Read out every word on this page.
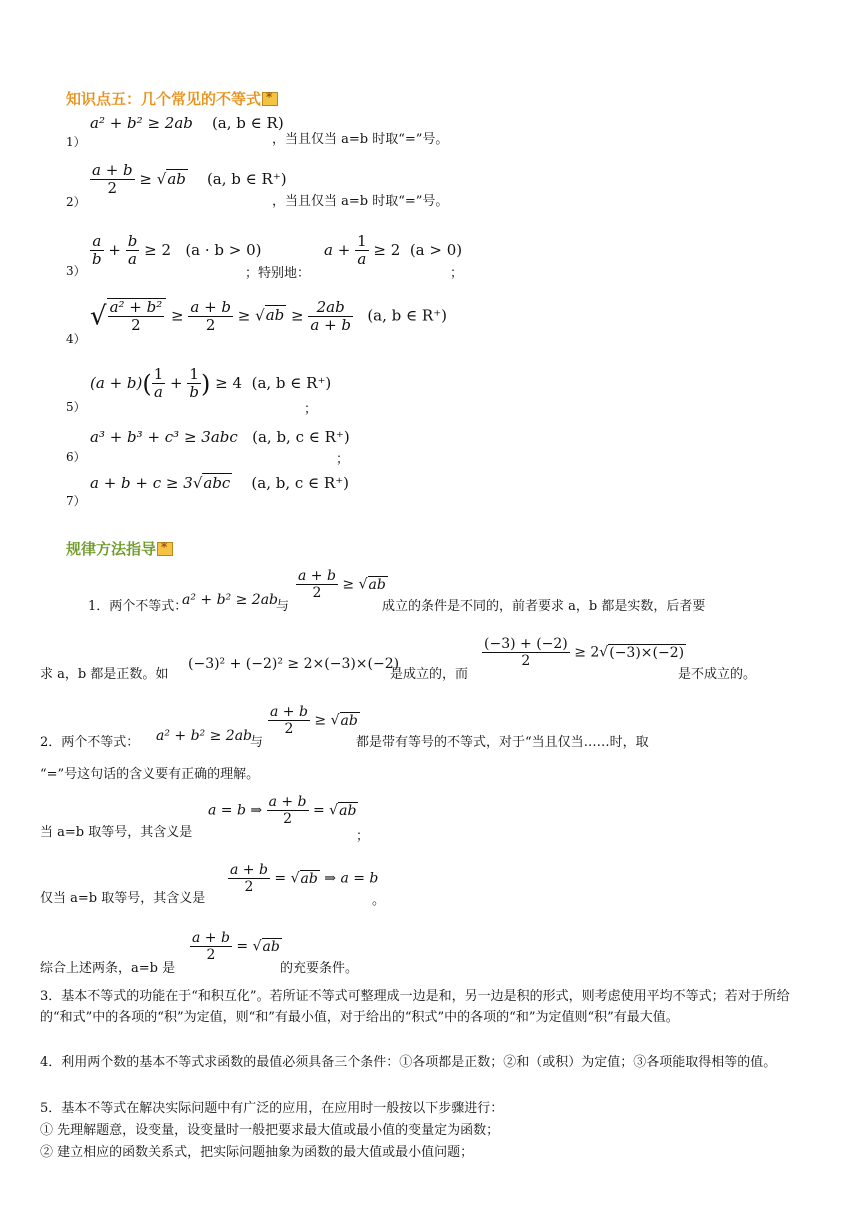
知识点五：几个常见的不等式*
1）
a² + b² ≥ 2ab (a, b ∈ R)
，当且仅当 a=b 时取“=”号。
2）
$\frac{a + b}{2} \ge √ab$ (a, b ∈ R⁺)
，当且仅当 a=b 时取“=”号。
3）
$\frac{a}{b} + \frac{b}{a} \ge 2$ (a · b > 0)
；特别地：
$a + \frac{1}{a} \ge 2$ (a > 0)
；
4）
√ $\frac{\text{a² + b²}}{2} \ge \frac{a + b}{2} \ge √ab \ge \frac{2ab}{a + b} (a$, b ∈ R⁺)
5）
$(a + b)( \frac{1}{a} + \frac{1}{b}$ ) ≥ 4 (a, b ∈ R⁺)
；
6）
a³ + b³ + c³ ≥ 3abc (a, b, c ∈ R⁺)
；
7）
a + b + c ≥ 3√abc (a, b, c ∈ R⁺)
规律方法指导*
1．两个不等式：
a² + b² ≥ 2ab
与
$\frac{a + b}{2} \ge √ab$
成立的条件是不同的，前者要求 a，b 都是实数，后者要
求 a，b 都是正数。如
(−3)² + (−2)² ≥ 2×(−3)×(−2)
是成立的，而
$\frac{(-3) + (-2)}{2} \ge 2√(-3)\times(-2)$
是不成立的。
2．两个不等式： a² + b² ≥ 2ab
与
$\frac{a + b}{2} \ge √ab$
都是带有等号的不等式，对于“当且仅当……时，取
“=”号这句话的含义要有正确的理解。
当 a=b 取等号，其含义是
a = b ⇒ $\frac{a + b}{2} = √ab$
；
仅当 a=b 取等号，其含义是
$\frac{a + b}{2} = √ab$ ⇒ a = b
。
综合上述两条，a=b 是
$\frac{a + b}{2} = √ab$
的充要条件。
3．基本不等式的功能在于“和积互化”。若所证不等式可整理成一边是和，另一边是积的形式，则考虑使用平均不等式；若对于所给的“和式”中的各项的“积”为定值，则“和”有最小值，对于给出的“积式”中的各项的“和”为定值则“积”有最大值。
4．利用两个数的基本不等式求函数的最值必须具备三个条件：①各项都是正数；②和（或积）为定值；③各项能取得相等的值。
5．基本不等式在解决实际问题中有广泛的应用，在应用时一般按以下步骤进行：
① 先理解题意，设变量，设变量时一般把要求最大值或最小值的变量定为函数；
② 建立相应的函数关系式，把实际问题抽象为函数的最大值或最小值问题；
